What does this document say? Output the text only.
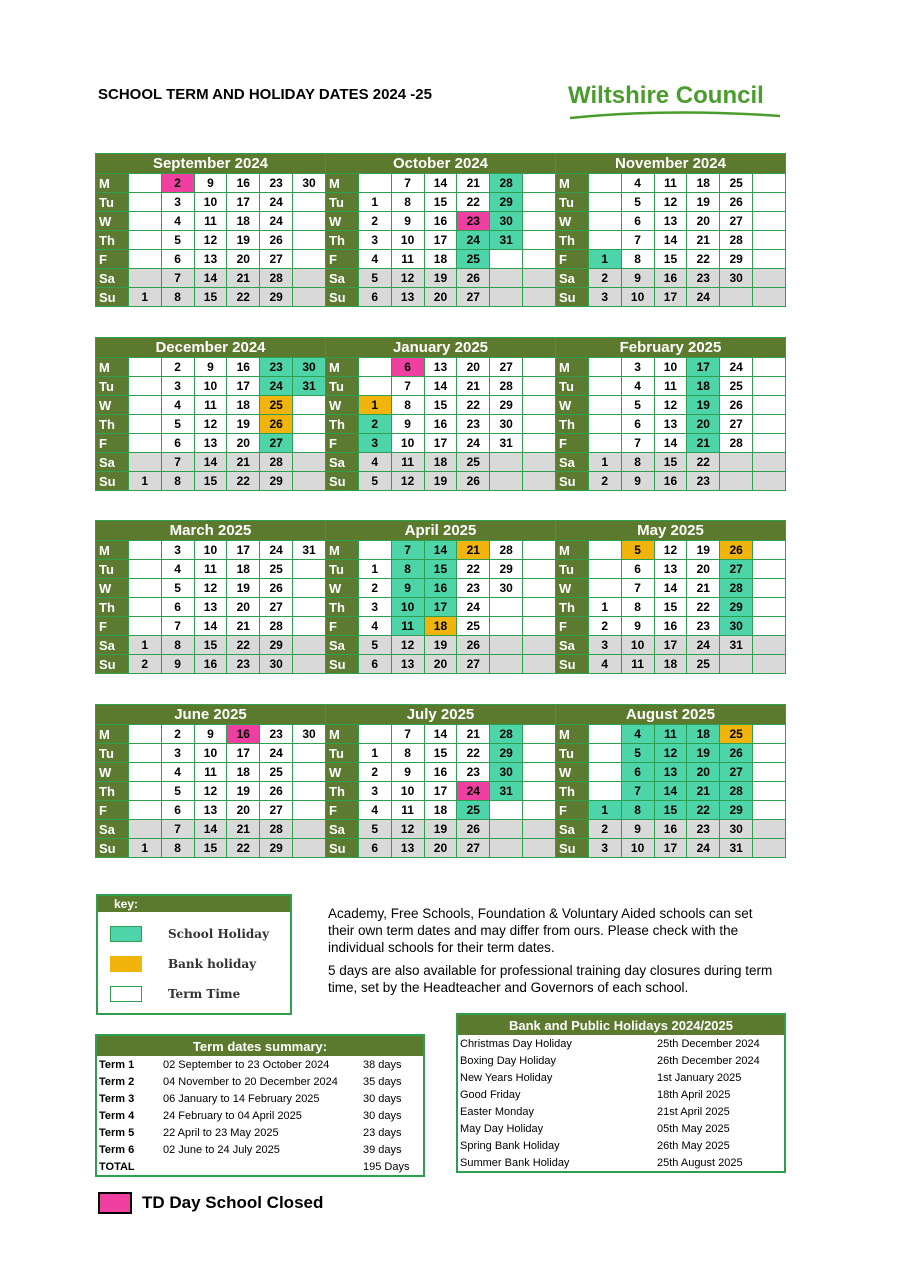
SCHOOL TERM AND HOLIDAY DATES 2024 -25	Wiltshire Council
September 2024						
M		2	9	16	23	30
Tu		3	10	17	24	
W		4	11	18	24	
Th		5	12	19	26	
F		6	13	20	27	
Sa		7	14	21	28	
Su	1	8	15	22	29	
October 2024						
M		7	14	21	28	
Tu	1	8	15	22	29	
W	2	9	16	23	30	
Th	3	10	17	24	31	
F	4	11	18	25		
Sa	5	12	19	26		
Su	6	13	20	27		
November 2024						
M		4	11	18	25	
Tu		5	12	19	26	
W		6	13	20	27	
Th		7	14	21	28	
F	1	8	15	22	29	
Sa	2	9	16	23	30	
Su	3	10	17	24		
December 2024						
M		2	9	16	23	30
Tu		3	10	17	24	31
W		4	11	18	25	
Th		5	12	19	26	
F		6	13	20	27	
Sa		7	14	21	28	
Su	1	8	15	22	29	
January 2025						
M		6	13	20	27	
Tu		7	14	21	28	
W	1	8	15	22	29	
Th	2	9	16	23	30	
F	3	10	17	24	31	
Sa	4	11	18	25		
Su	5	12	19	26		
February 2025						
M		3	10	17	24	
Tu		4	11	18	25	
W		5	12	19	26	
Th		6	13	20	27	
F		7	14	21	28	
Sa	1	8	15	22		
Su	2	9	16	23		
March 2025						
M		3	10	17	24	31
Tu		4	11	18	25	
W		5	12	19	26	
Th		6	13	20	27	
F		7	14	21	28	
Sa	1	8	15	22	29	
Su	2	9	16	23	30	
April 2025						
M		7	14	21	28	
Tu	1	8	15	22	29	
W	2	9	16	23	30	
Th	3	10	17	24		
F	4	11	18	25		
Sa	5	12	19	26		
Su	6	13	20	27		
May 2025						
M		5	12	19	26	
Tu		6	13	20	27	
W		7	14	21	28	
Th	1	8	15	22	29	
F	2	9	16	23	30	
Sa	3	10	17	24	31	
Su	4	11	18	25		
June 2025						
M		2	9	16	23	30
Tu		3	10	17	24	
W		4	11	18	25	
Th		5	12	19	26	
F		6	13	20	27	
Sa		7	14	21	28	
Su	1	8	15	22	29	
July 2025						
M		7	14	21	28	
Tu	1	8	15	22	29	
W	2	9	16	23	30	
Th	3	10	17	24	31	
F	4	11	18	25		
Sa	5	12	19	26		
Su	6	13	20	27		
August 2025						
M		4	11	18	25	
Tu		5	12	19	26	
W		6	13	20	27	
Th		7	14	21	28	
F	1	8	15	22	29	
Sa	2	9	16	23	30	
Su	3	10	17	24	31	
key:
School Holiday
Bank holiday
Term Time

Academy, Free Schools, Foundation & Voluntary Aided schools can set their own term dates and may differ from ours. Please check with the individual schools for their term dates.

5 days are also available for professional training day closures during term time, set by the Headteacher and Governors of each school.

Term dates summary:		
Term 1	02 September to 23 October 2024	38 days
Term 2	04 November to 20 December 2024	35 days
Term 3	06 January to 14 February 2025	30 days
Term 4	24 February to 04 April 2025	30 days
Term 5	22 April to 23 May 2025	23 days
Term 6	02 June to 24 July 2025	39 days
TOTAL		195 Days
Bank and Public Holidays 2024/2025	
Christmas Day Holiday	25th December 2024
Boxing Day Holiday	26th December 2024
New Years Holiday	1st January 2025
Good Friday	18th April 2025
Easter Monday	21st April 2025
May Day Holiday	05th May 2025
Spring Bank Holiday	26th May 2025
Summer Bank Holiday	25th August 2025
TD Day School Closed
